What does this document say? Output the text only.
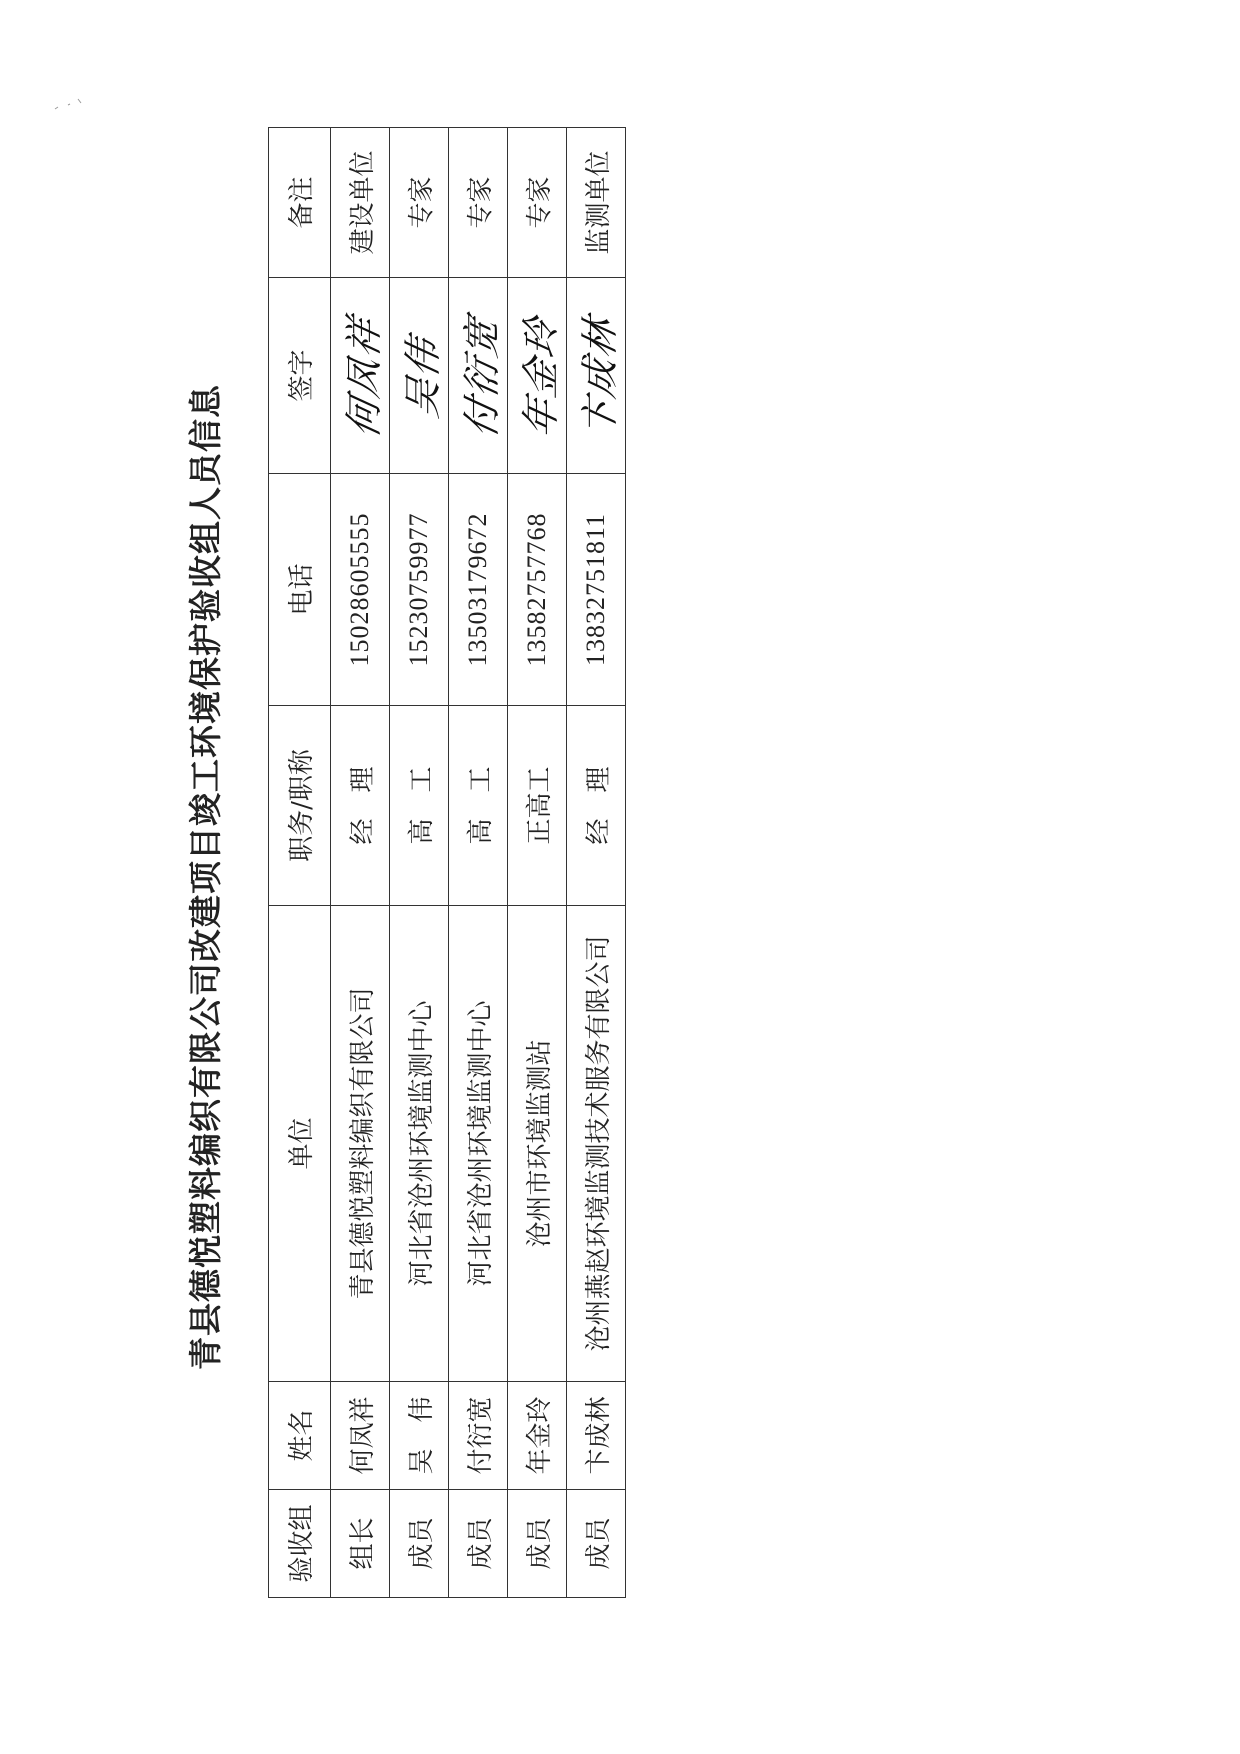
青县德悦塑料编织有限公司改建项目竣工环境保护验收组人员信息
验收组	姓名	单位	职务/职称	电话	签字	备注
组长	何凤祥	青县德悦塑料编织有限公司	经　理	15028605555	何凤祥	建设单位
成员	吴　伟	河北省沧州环境监测中心	高　工	15230759977	吴伟	专家
成员	付衍宽	河北省沧州环境监测中心	高　工	13503179672	付衍宽	专家
成员	年金玲	沧州市环境监测站	正高工	13582757768	年金玲	专家
成员	卞成林	沧州燕赵环境监测技术服务有限公司	经　理	13832751811	卞成林	监测单位
